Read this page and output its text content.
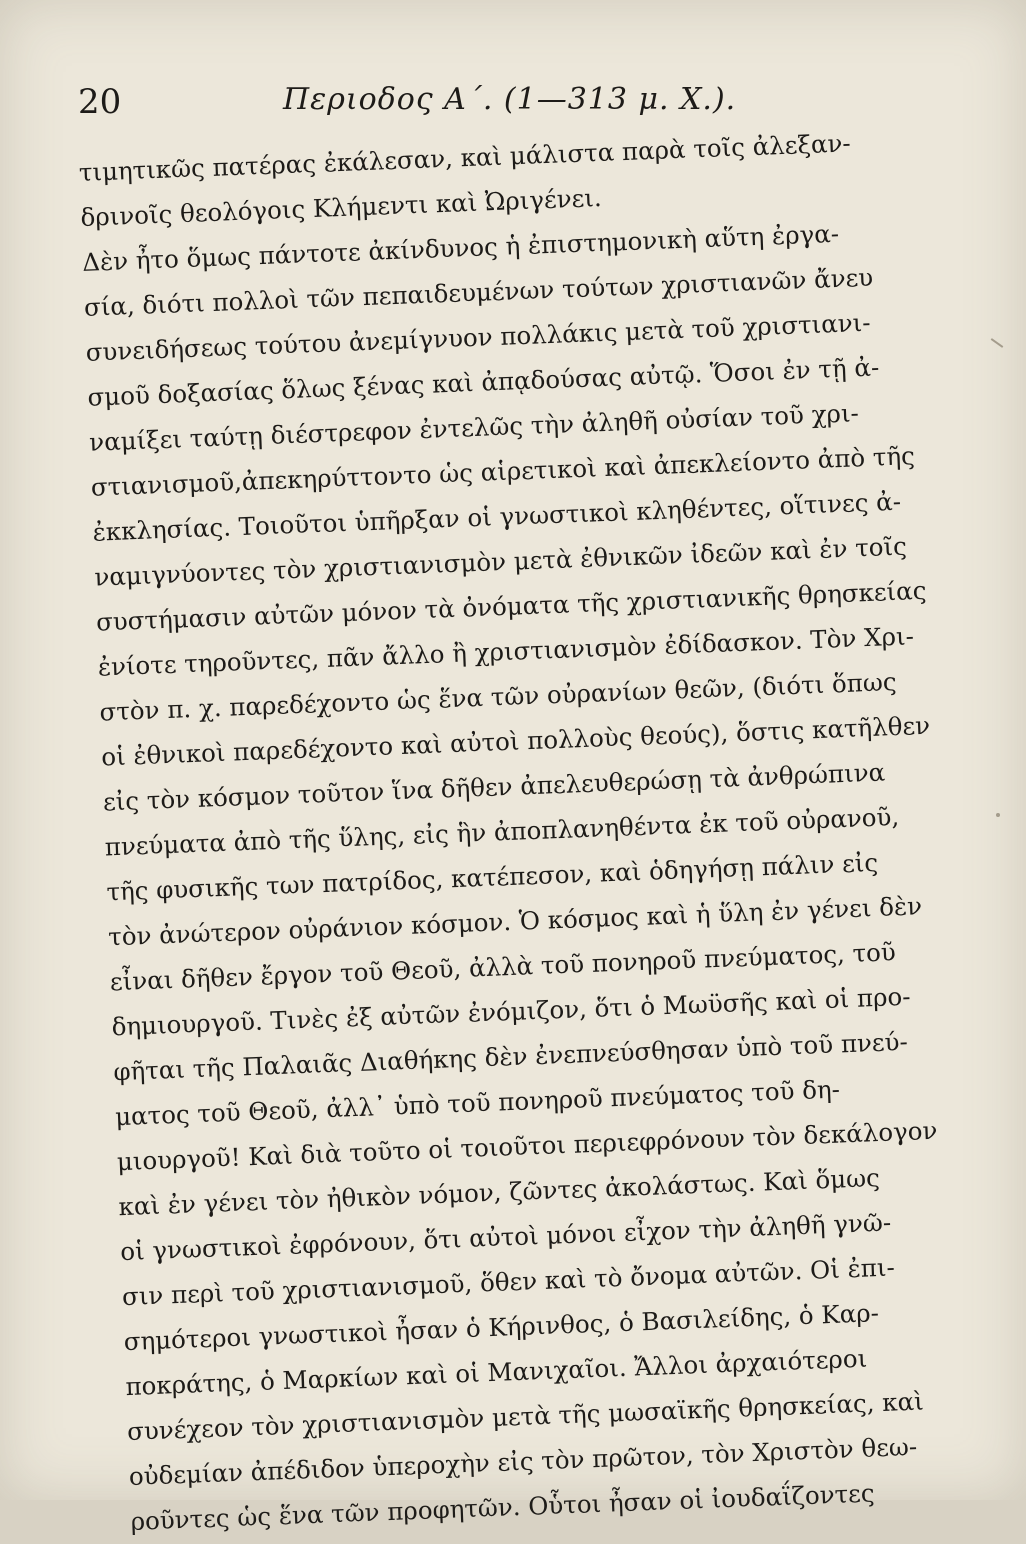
20	Περιοδος Α΄. (1—313 μ. Χ.).
τιμητικῶς πατέρας ἐκάλεσαν, καὶ μάλιστα παρὰ τοῖς ἀλεξαν-
δρινοῖς θεολόγοις Κλήμεντι καὶ Ὠριγένει.
Δὲν ἦτο ὅμως πάντοτε ἀκίνδυνος ἡ ἐπιστημονικὴ αὕτη ἐργα-
σία, διότι πολλοὶ τῶν πεπαιδευμένων τούτων χριστιανῶν ἄνευ
συνειδήσεως τούτου ἀνεμίγνυον πολλάκις μετὰ τοῦ χριστιανι-
σμοῦ δοξασίας ὅλως ξένας καὶ ἀπᾳδούσας αὐτῷ. Ὅσοι ἐν τῇ ἀ-
ναμίξει ταύτῃ διέστρεφον ἐντελῶς τὴν ἀληθῆ οὐσίαν τοῦ χρι-
στιανισμοῦ,ἀπεκηρύττοντο ὡς αἱρετικοὶ καὶ ἀπεκλείοντο ἀπὸ τῆς
ἐκκλησίας. Τοιοῦτοι ὑπῆρξαν οἱ γνωστικοὶ κληθέντες, οἵτινες ἀ-
ναμιγνύοντες τὸν χριστιανισμὸν μετὰ ἐθνικῶν ἰδεῶν καὶ ἐν τοῖς
συστήμασιν αὐτῶν μόνον τὰ ὀνόματα τῆς χριστιανικῆς θρησκείας
ἐνίοτε τηροῦντες, πᾶν ἄλλο ἢ χριστιανισμὸν ἐδίδασκον. Τὸν Χρι-
στὸν π. χ. παρεδέχοντο ὡς ἕνα τῶν οὐρανίων θεῶν, (διότι ὅπως
οἱ ἐθνικοὶ παρεδέχοντο καὶ αὐτοὶ πολλοὺς θεούς), ὅστις κατῆλθεν
εἰς τὸν κόσμον τοῦτον ἵνα δῆθεν ἀπελευθερώσῃ τὰ ἀνθρώπινα
πνεύματα ἀπὸ τῆς ὕλης, εἰς ἣν ἀποπλανηθέντα ἐκ τοῦ οὐρανοῦ,
τῆς φυσικῆς των πατρίδος, κατέπεσον, καὶ ὁδηγήσῃ πάλιν εἰς
τὸν ἀνώτερον οὐράνιον κόσμον. Ὁ κόσμος καὶ ἡ ὕλη ἐν γένει δὲν
εἶναι δῆθεν ἔργον τοῦ Θεοῦ, ἀλλὰ τοῦ πονηροῦ πνεύματος, τοῦ
δημιουργοῦ. Τινὲς ἐξ αὐτῶν ἐνόμιζον, ὅτι ὁ Μωϋσῆς καὶ οἱ προ-
φῆται τῆς Παλαιᾶς Διαθήκης δὲν ἐνεπνεύσθησαν ὑπὸ τοῦ πνεύ-
ματος τοῦ Θεοῦ, ἀλλ᾽ ὑπὸ τοῦ πονηροῦ πνεύματος τοῦ δη-
μιουργοῦ! Καὶ διὰ τοῦτο οἱ τοιοῦτοι περιεφρόνουν τὸν δεκάλογον
καὶ ἐν γένει τὸν ἠθικὸν νόμον, ζῶντες ἀκολάστως. Καὶ ὅμως
οἱ γνωστικοὶ ἐφρόνουν, ὅτι αὐτοὶ μόνοι εἶχον τὴν ἀληθῆ γνῶ-
σιν περὶ τοῦ χριστιανισμοῦ, ὅθεν καὶ τὸ ὄνομα αὐτῶν. Οἱ ἐπι-
σημότεροι γνωστικοὶ ἦσαν ὁ Κήρινθος, ὁ Βασιλείδης, ὁ Καρ-
ποκράτης, ὁ Μαρκίων καὶ οἱ Μανιχαῖοι. Ἄλλοι ἀρχαιότεροι
συνέχεον τὸν χριστιανισμὸν μετὰ τῆς μωσαϊκῆς θρησκείας, καὶ
οὐδεμίαν ἀπέδιδον ὑπεροχὴν εἰς τὸν πρῶτον, τὸν Χριστὸν θεω-
ροῦντες ὡς ἕνα τῶν προφητῶν. Οὗτοι ἦσαν οἱ ἰουδαΐζοντες
